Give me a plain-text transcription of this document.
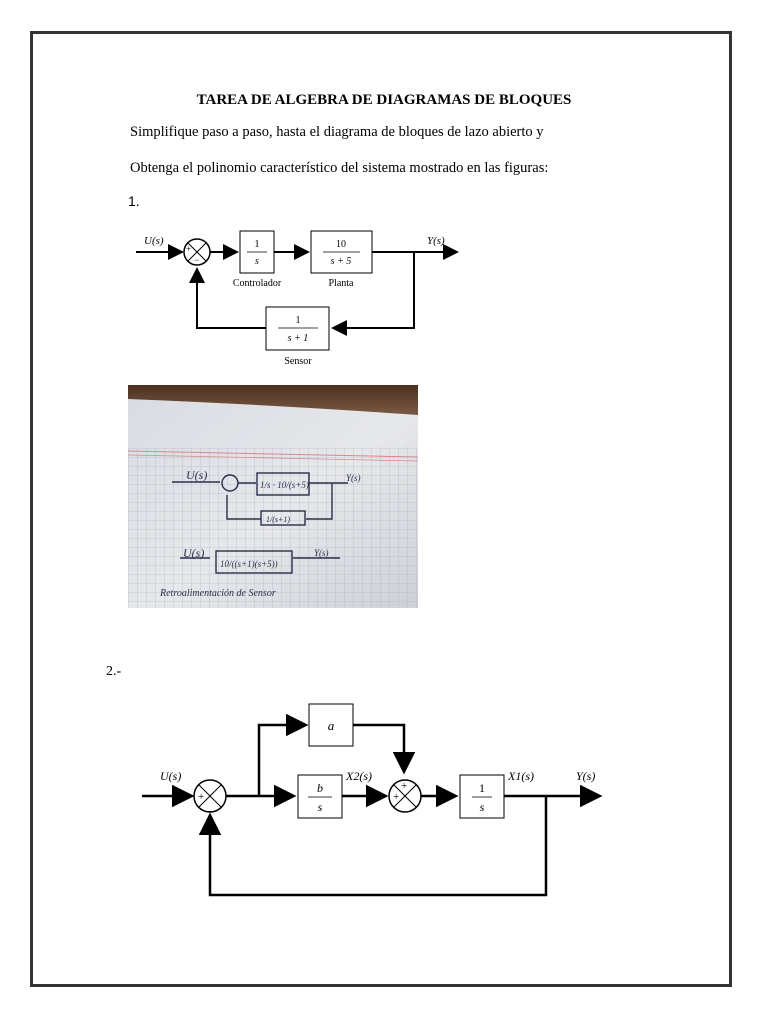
TAREA DE ALGEBRA DE DIAGRAMAS DE BLOQUES
Simplifique paso a paso, hasta el diagrama de bloques de lazo abierto y
Obtenga el polinomio característico del sistema mostrado en las figuras:
1.
2.-
U(s)
+
−
1
s
Controlador
10
s + 5
Planta
Y(s)
1
s + 1
Sensor
U(s)
1/s · 10/(s+5)
Y(s)
1/(s+1)
U(s)
10/((s+1)(s+5))
Y(s)
Retroalimentación de Sensor
U(s)
+
−
a
b
s
X2(s)
+
+	1
s
X1(s)	Y(s)
